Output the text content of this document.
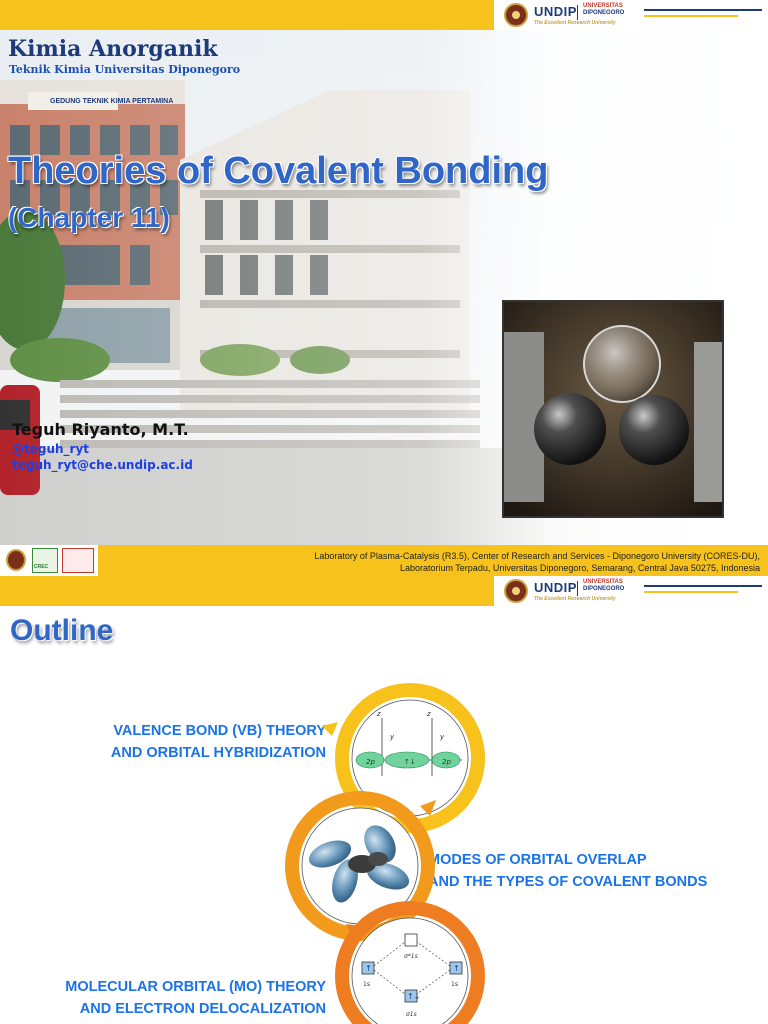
GEDUNG TEKNIK KIMIA PERTAMINA
UNDIP UNIVERSITAS
DIPONEGORO
The Excellent Research University
Kimia Anorganik
Teknik Kimia Universitas Diponegoro
Theories of Covalent Bonding
(Chapter 11)
Teguh Riyanto, M.T.
@teguh_ryt
teguh_ryt@che.undip.ac.id
CREC
Laboratory of Plasma-Catalysis (R3.5), Center of Research and Services - Diponegoro University (CORES-DU),
Laboratorium Terpadu, Universitas Diponegoro, Semarang, Central Java 50275, Indonesia
UNDIP UNIVERSITAS
DIPONEGORO
The Excellent Research University
Outline
VALENCE BOND (VB) THEORY
AND ORBITAL HYBRIDIZATION
MODES OF ORBITAL OVERLAP
AND THE TYPES OF COVALENT BONDS
MOLECULAR ORBITAL (MO) THEORY
AND ELECTRON DELOCALIZATION
2p	2p
↑↓
z	z
y	y
↑	↑
↑↓
σ*1s
σ1s
1s	1s
